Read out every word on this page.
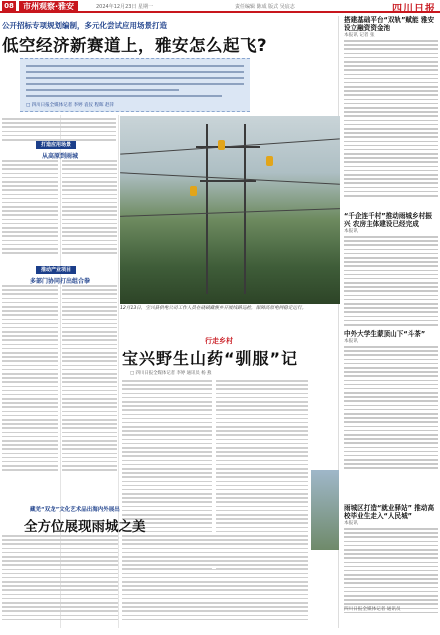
08	市州观察·雅安	2024年12月23日 星期一	责任编辑 陈成 版式 吴宸志	四川日报
公开招标专项规划编制，多元化尝试应用场景打造
低空经济新赛道上，雅安怎么起飞?
□ 四川日报全媒体记者 李婷 袁仪 程晖 赵萍
打造应用场景
从高原到雨城
推动产业项目
多部门协同打出组合拳
12月13日，宝兴县供电公司工作人员在硗碛藏族乡开展线路巡检，保障高原电网稳定运行。
行走乡村
宝兴野生山药“驯服”记
□ 四川日报全媒体记者 李婷 通讯员 杨 燕
藏羌“双龙”文化艺术品出海内外展出
全方位展现雨城之美
搭建基础平台“双轨”赋能 雅安设立融资资金池
本报讯 记者 张
“千企连千村”推动雨城乡村振兴 农房主体建设已经完成
本报讯
中外大学生蒙顶山下“斗茶”
本报讯
雨城区打造“就业驿站” 推动高校毕业生走入“人民城”
本报讯
四川日报全媒体记者 通讯员
